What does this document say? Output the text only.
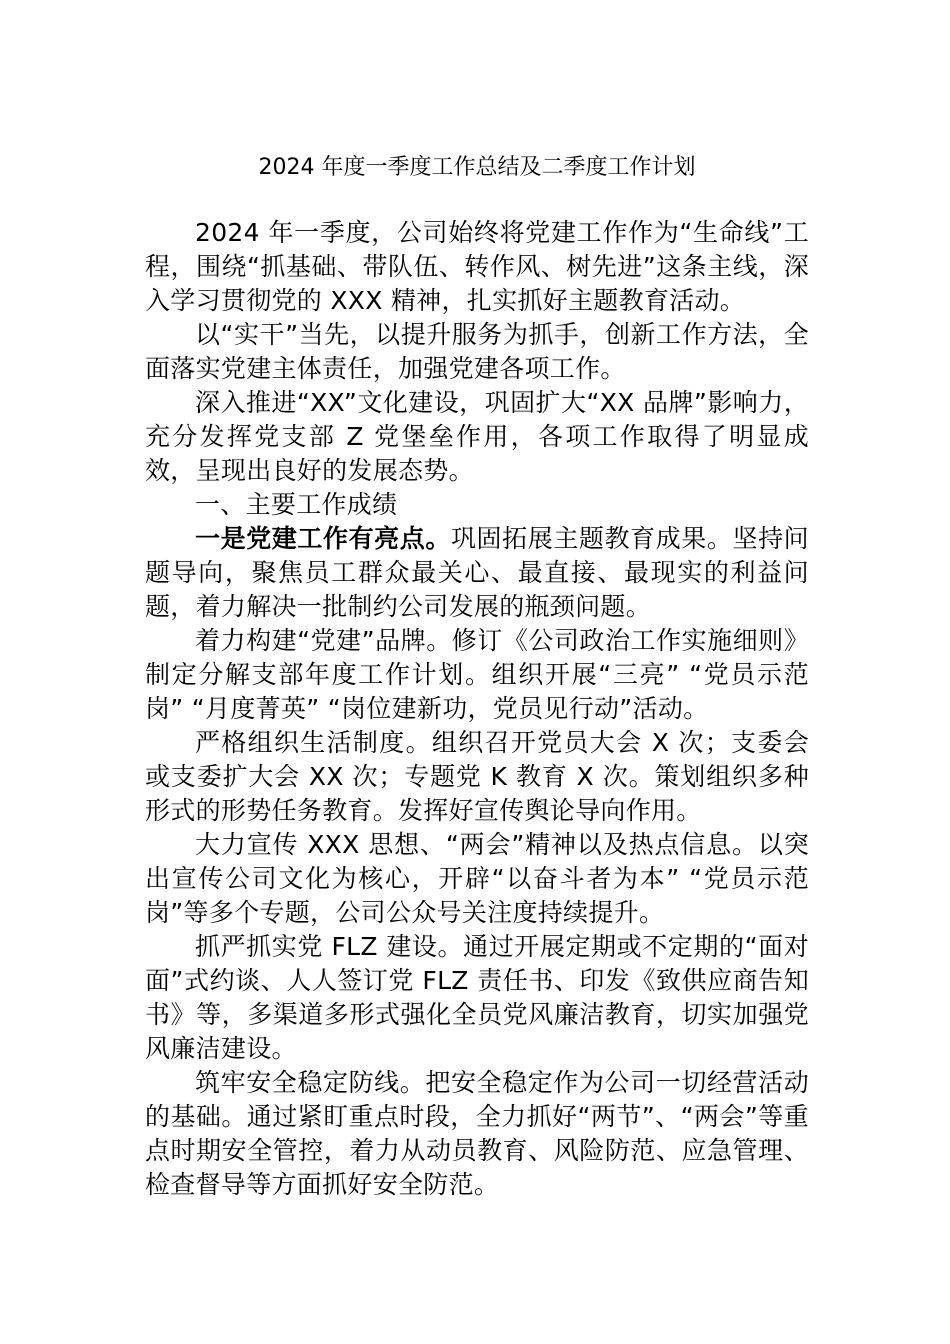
2024 年度一季度工作总结及二季度工作计划

2024 年一季度，公司始终将党建工作作为“生命线”工程，围绕“抓基础、带队伍、转作风、树先进”这条主线，深入学习贯彻党的 XXX 精神，扎实抓好主题教育活动。

以“实干”当先，以提升服务为抓手，创新工作方法，全面落实党建主体责任，加强党建各项工作。

深入推进“XX”文化建设，巩固扩大“XX 品牌”影响力，充分发挥党支部 Z 党堡垒作用，各项工作取得了明显成效，呈现出良好的发展态势。

一、主要工作成绩

一是党建工作有亮点。巩固拓展主题教育成果。坚持问题导向，聚焦员工群众最关心、最直接、最现实的利益问题，着力解决一批制约公司发展的瓶颈问题。

着力构建“党建”品牌。修订《公司政治工作实施细则》制定分解支部年度工作计划。组织开展“三亮” “党员示范岗” “月度菁英” “岗位建新功，党员见行动”活动。

严格组织生活制度。组织召开党员大会 X 次；支委会或支委扩大会 XX 次；专题党 K 教育 X 次。策划组织多种形式的形势任务教育。发挥好宣传舆论导向作用。

大力宣传 XXX 思想、“两会”精神以及热点信息。以突出宣传公司文化为核心，开辟“以奋斗者为本” “党员示范岗”等多个专题，公司公众号关注度持续提升。

抓严抓实党 FLZ 建设。通过开展定期或不定期的“面对面”式约谈、人人签订党 FLZ 责任书、印发《致供应商告知书》等，多渠道多形式强化全员党风廉洁教育，切实加强党风廉洁建设。

筑牢安全稳定防线。把安全稳定作为公司一切经营活动的基础。通过紧盯重点时段，全力抓好“两节”、“两会”等重点时期安全管控，着力从动员教育、风险防范、应急管理、检查督导等方面抓好安全防范。
